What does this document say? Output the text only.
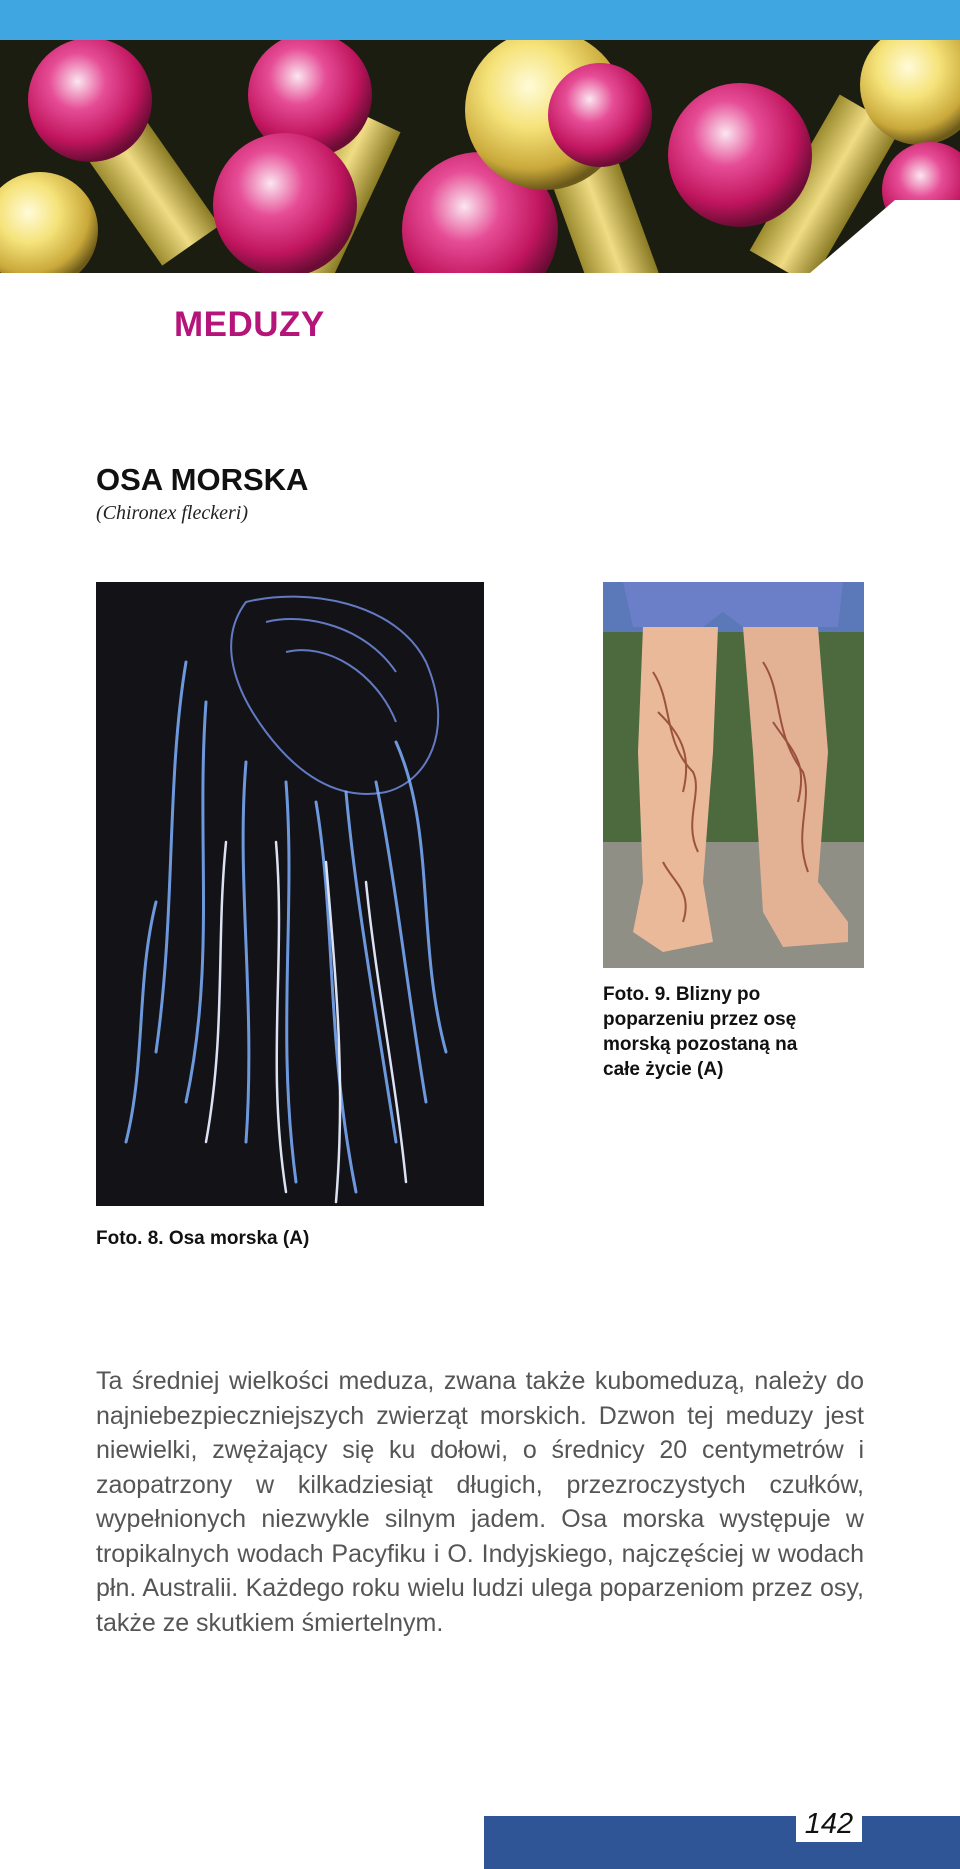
MEDUZY
OSA MORSKA
(Chironex fleckeri)
Foto. 9. Blizny po poparzeniu przez osę morską pozostaną na całe życie (A)
Foto. 8. Osa morska (A)
Ta średniej wielkości meduza, zwana także kubomeduzą, należy do najniebezpieczniejszych zwierząt morskich. Dzwon tej meduzy jest niewielki, zwężający się ku dołowi, o średnicy 20 centymetrów i zaopatrzony w kilkadziesiąt długich, przezroczystych czułków, wypełnionych niezwykle silnym jadem. Osa morska występuje w tropikalnych wodach Pacyfiku i O. Indyjskiego, najczęściej w wodach płn. Australii. Każdego roku wielu ludzi ulega poparzeniom przez osy, także ze skutkiem śmiertelnym.
142
